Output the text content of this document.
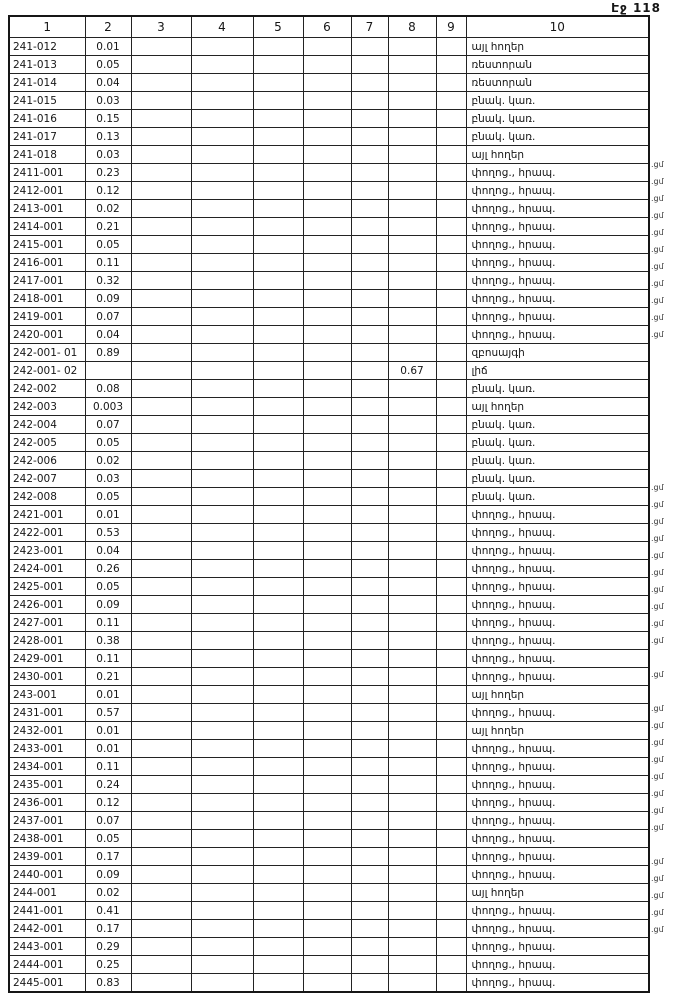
Էջ 118
1	2	3	4	5	6	7	8	9	10
241-012	0.01								այլ հողեր
241-013	0.05								ռեստորան
241-014	0.04								ռեստորան
241-015	0.03								բնակ. կառ.
241-016	0.15								բնակ. կառ.
241-017	0.13								բնակ. կառ.
241-018	0.03								այլ հողեր
2411-001	0.23								փողոց., հրապ.
2412-001	0.12								փողոց., հրապ.
2413-001	0.02								փողոց., հրապ.
2414-001	0.21								փողոց., հրապ.
2415-001	0.05								փողոց., հրապ.
2416-001	0.11								փողոց., հրապ.
2417-001	0.32								փողոց., հրապ.
2418-001	0.09								փողոց., հրապ.
2419-001	0.07								փողոց., հրապ.
2420-001	0.04								փողոց., հրապ.
242-001- 01	0.89								զբոսայգի
242-001- 02							0.67		լիճ
242-002	0.08								բնակ. կառ.
242-003	0.003								այլ հողեր
242-004	0.07								բնակ. կառ.
242-005	0.05								բնակ. կառ.
242-006	0.02								բնակ. կառ.
242-007	0.03								բնակ. կառ.
242-008	0.05								բնակ. կառ.
2421-001	0.01								փողոց., հրապ.
2422-001	0.53								փողոց., հրապ.
2423-001	0.04								փողոց., հրապ.
2424-001	0.26								փողոց., հրապ.
2425-001	0.05								փողոց., հրապ.
2426-001	0.09								փողոց., հրապ.
2427-001	0.11								փողոց., հրապ.
2428-001	0.38								փողոց., հրապ.
2429-001	0.11								փողոց., հրապ.
2430-001	0.21								փողոց., հրապ.
243-001	0.01								այլ հողեր
2431-001	0.57								փողոց., հրապ.
2432-001	0.01								այլ հողեր
2433-001	0.01								փողոց., հրապ.
2434-001	0.11								փողոց., հրապ.
2435-001	0.24								փողոց., հրապ.
2436-001	0.12								փողոց., հրապ.
2437-001	0.07								փողոց., հրապ.
2438-001	0.05								փողոց., հրապ.
2439-001	0.17								փողոց., հրապ.
2440-001	0.09								փողոց., հրապ.
244-001	0.02								այլ հողեր
2441-001	0.41								փողոց., հրապ.
2442-001	0.17								փողոց., հրապ.
2443-001	0.29								փողոց., հրապ.
2444-001	0.25								փողոց., հրապ.
2445-001	0.83								փողոց., հրապ.
.ցմ
.ցմ
.ցմ
.ցմ
.ցմ
.ցմ
.ցմ
.ցմ
.ցմ
.ցմ
.ցմ
.ցմ
.ցմ
.ցմ
.ցմ
.ցմ
.ցմ
.ցմ
.ցմ
.ցմ
.ցմ
.ցմ
.ցմ
.ցմ
.ցմ
.ցմ
.ցմ
.ցմ
.ցմ
.ցմ
.ցմ
.ցմ
.ցմ
.ցմ
.ցմ
